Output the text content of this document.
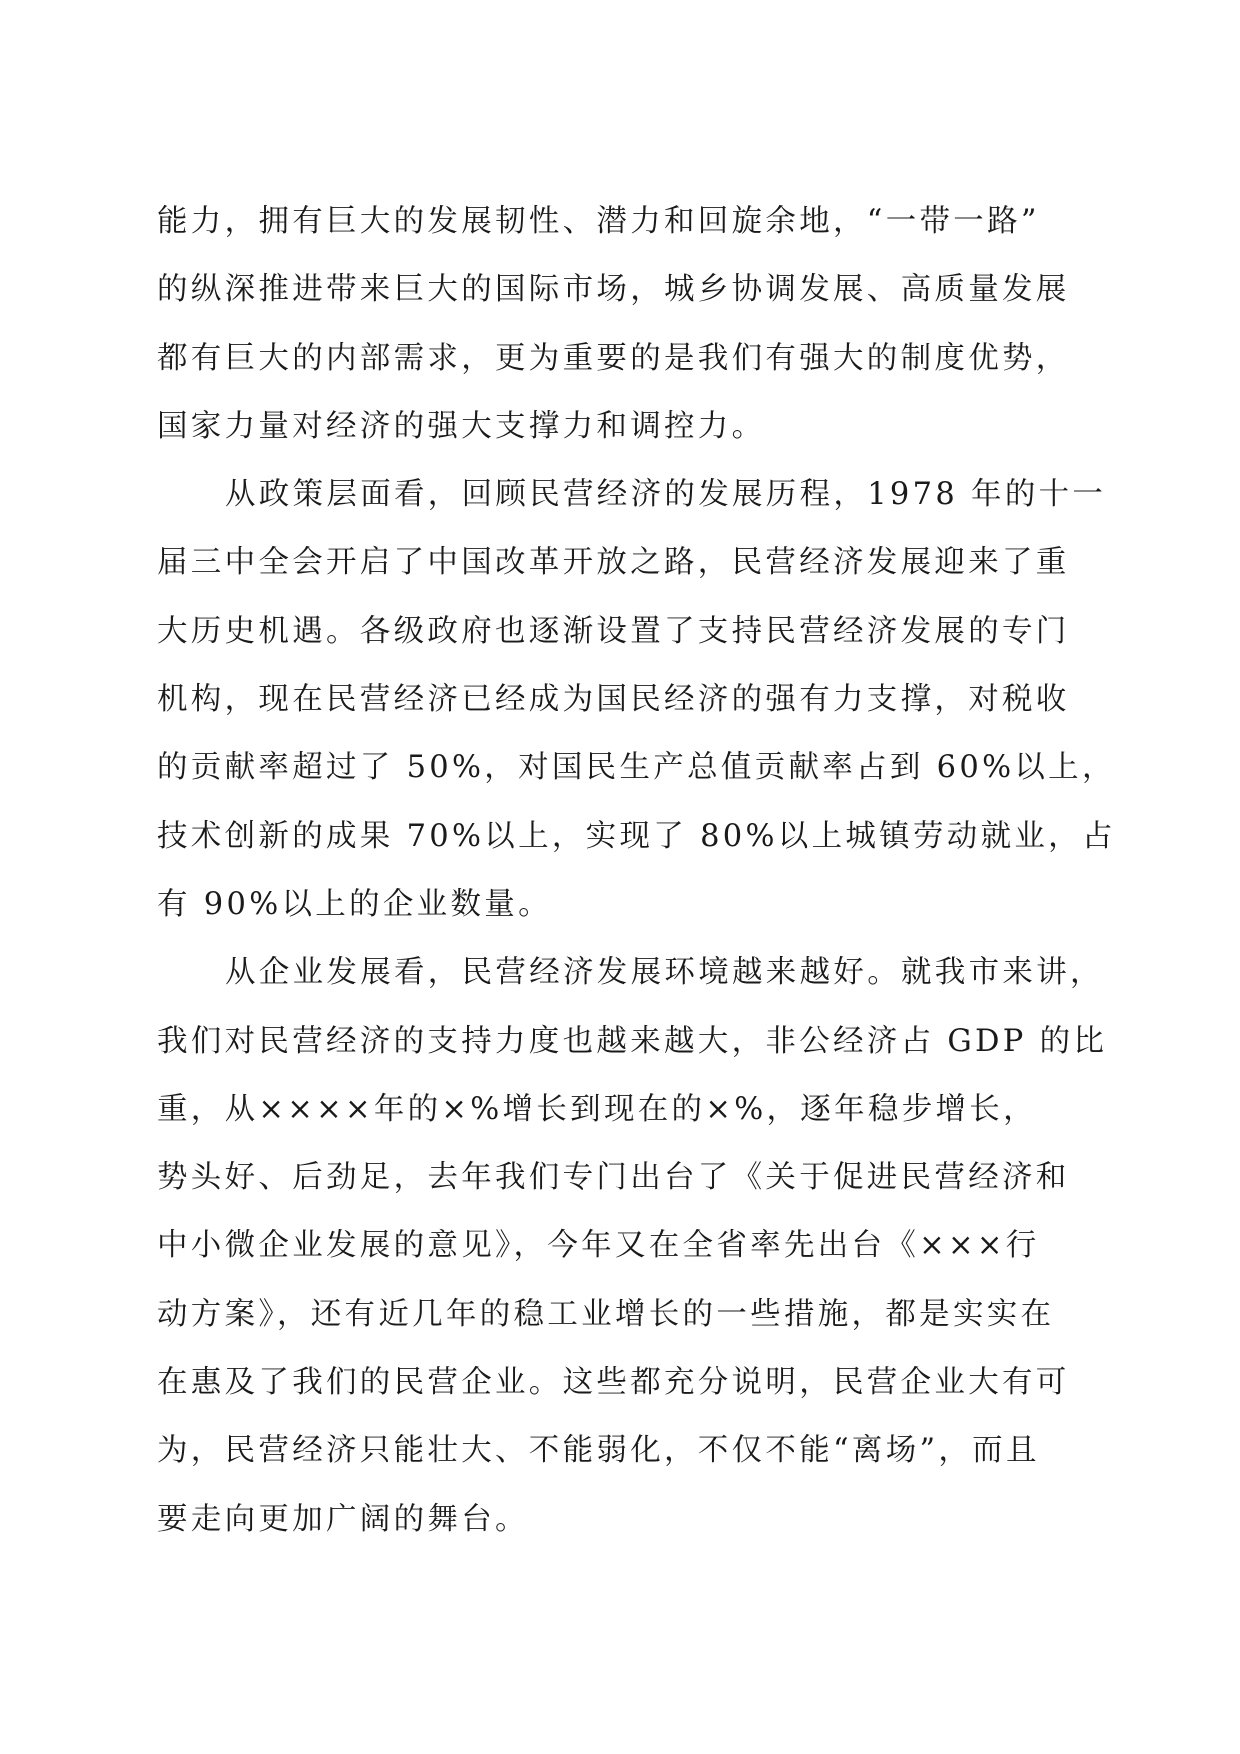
能力，拥有巨大的发展韧性、潜力和回旋余地，“一带一路”
的纵深推进带来巨大的国际市场，城乡协调发展、高质量发展
都有巨大的内部需求，更为重要的是我们有强大的制度优势，
国家力量对经济的强大支撑力和调控力。
从政策层面看，回顾民营经济的发展历程，1978 年的十一
届三中全会开启了中国改革开放之路，民营经济发展迎来了重
大历史机遇。各级政府也逐渐设置了支持民营经济发展的专门
机构，现在民营经济已经成为国民经济的强有力支撑，对税收
的贡献率超过了 50%，对国民生产总值贡献率占到 60%以上，
技术创新的成果 70%以上，实现了 80%以上城镇劳动就业，占
有 90%以上的企业数量。
从企业发展看，民营经济发展环境越来越好。就我市来讲，
我们对民营经济的支持力度也越来越大，非公经济占 GDP 的比
重，从××××年的×%增长到现在的×%，逐年稳步增长，
势头好、后劲足，去年我们专门出台了《关于促进民营经济和
中小微企业发展的意见》，今年又在全省率先出台《×××行
动方案》，还有近几年的稳工业增长的一些措施，都是实实在
在惠及了我们的民营企业。这些都充分说明，民营企业大有可
为，民营经济只能壮大、不能弱化，不仅不能“离场”，而且
要走向更加广阔的舞台。
